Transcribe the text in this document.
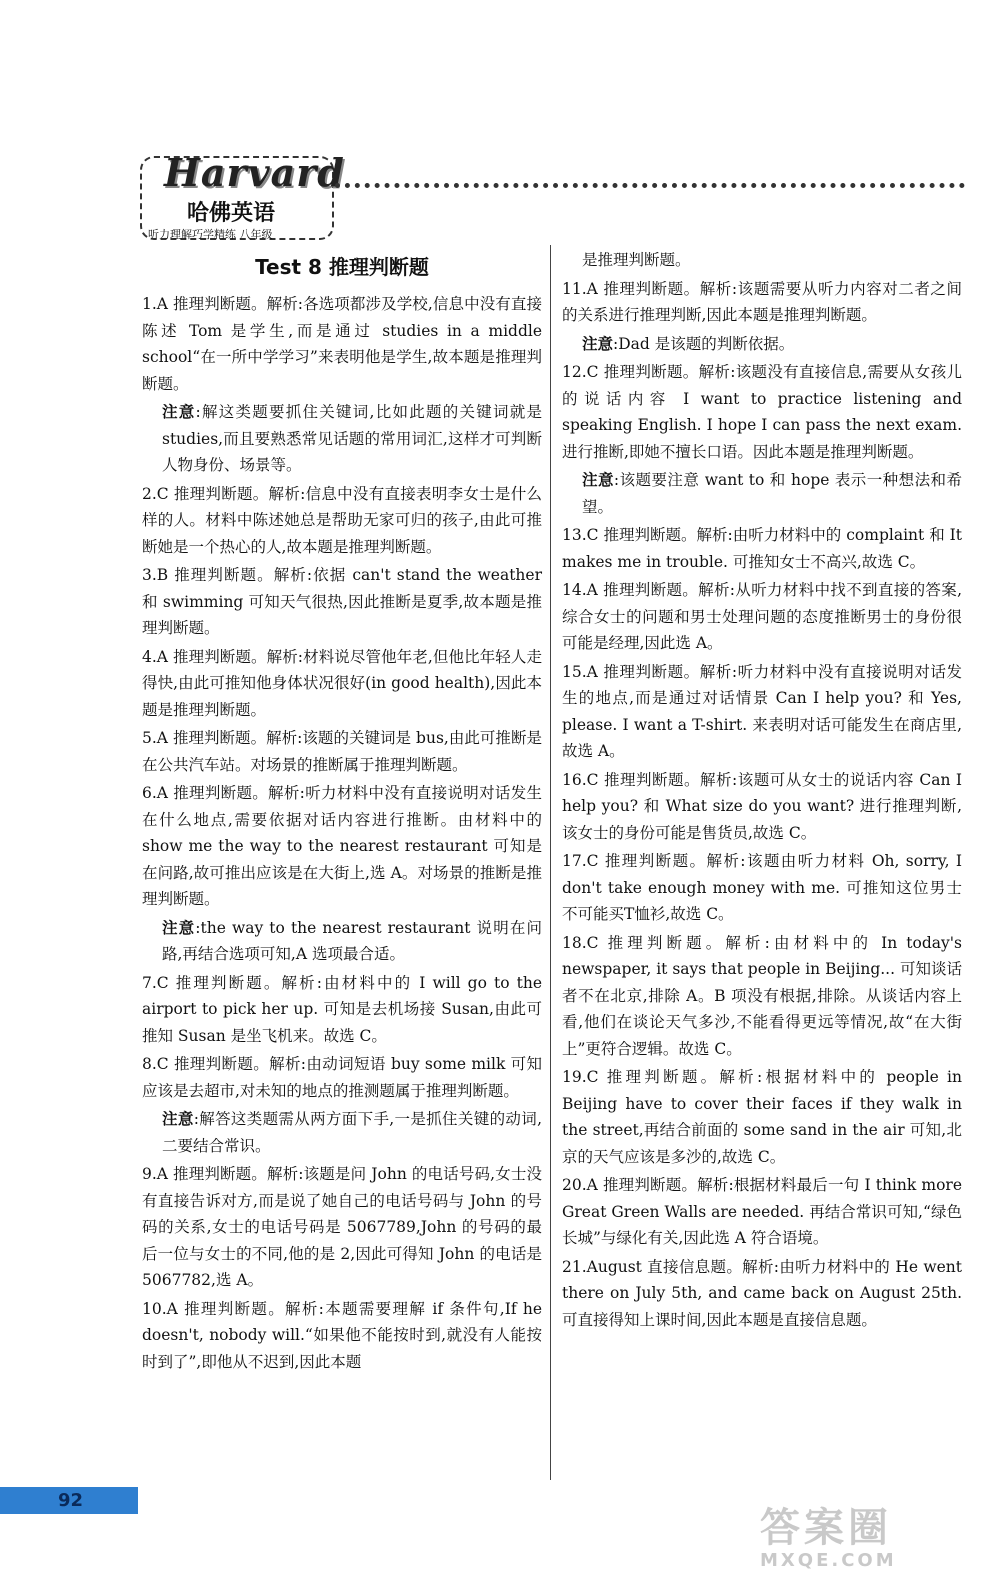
Harvard
哈佛英语
听力理解巧学精练 八年级
Test 8 推理判断题
1.A 推理判断题。解析:各选项都涉及学校,信息中没有直接陈述 Tom 是学生,而是通过 studies in a middle school“在一所中学学习”来表明他是学生,故本题是推理判断题。
注意:解这类题要抓住关键词,比如此题的关键词就是 studies,而且要熟悉常见话题的常用词汇,这样才可判断人物身份、场景等。
2.C 推理判断题。解析:信息中没有直接表明李女士是什么样的人。材料中陈述她总是帮助无家可归的孩子,由此可推断她是一个热心的人,故本题是推理判断题。
3.B 推理判断题。解析:依据 can't stand the weather 和 swimming 可知天气很热,因此推断是夏季,故本题是推理判断题。
4.A 推理判断题。解析:材料说尽管他年老,但他比年轻人走得快,由此可推知他身体状况很好(in good health),因此本题是推理判断题。
5.A 推理判断题。解析:该题的关键词是 bus,由此可推断是在公共汽车站。对场景的推断属于推理判断题。
6.A 推理判断题。解析:听力材料中没有直接说明对话发生在什么地点,需要依据对话内容进行推断。由材料中的 show me the way to the nearest restaurant 可知是在问路,故可推出应该是在大街上,选 A。对场景的推断是推理判断题。
注意:the way to the nearest restaurant 说明在问路,再结合选项可知,A 选项最合适。
7.C 推理判断题。解析:由材料中的 I will go to the airport to pick her up. 可知是去机场接 Susan,由此可推知 Susan 是坐飞机来。故选 C。
8.C 推理判断题。解析:由动词短语 buy some milk 可知应该是去超市,对未知的地点的推测题属于推理判断题。
注意:解答这类题需从两方面下手,一是抓住关键的动词,二要结合常识。
9.A 推理判断题。解析:该题是问 John 的电话号码,女士没有直接告诉对方,而是说了她自己的电话号码与 John 的号码的关系,女士的电话号码是 5067789,John 的号码的最后一位与女士的不同,他的是 2,因此可得知 John 的电话是 5067782,选 A。
10.A 推理判断题。解析:本题需要理解 if 条件句,If he doesn't, nobody will.“如果他不能按时到,就没有人能按时到了”,即他从不迟到,因此本题
是推理判断题。
11.A 推理判断题。解析:该题需要从听力内容对二者之间的关系进行推理判断,因此本题是推理判断题。
注意:Dad 是该题的判断依据。
12.C 推理判断题。解析:该题没有直接信息,需要从女孩儿的说话内容 I want to practice listening and speaking English. I hope I can pass the next exam. 进行推断,即她不擅长口语。因此本题是推理判断题。
注意:该题要注意 want to 和 hope 表示一种想法和希望。
13.C 推理判断题。解析:由听力材料中的 complaint 和 It makes me in trouble. 可推知女士不高兴,故选 C。
14.A 推理判断题。解析:从听力材料中找不到直接的答案,综合女士的问题和男士处理问题的态度推断男士的身份很可能是经理,因此选 A。
15.A 推理判断题。解析:听力材料中没有直接说明对话发生的地点,而是通过对话情景 Can I help you? 和 Yes, please. I want a T-shirt. 来表明对话可能发生在商店里,故选 A。
16.C 推理判断题。解析:该题可从女士的说话内容 Can I help you? 和 What size do you want? 进行推理判断,该女士的身份可能是售货员,故选 C。
17.C 推理判断题。解析:该题由听力材料 Oh, sorry, I don't take enough money with me. 可推知这位男士不可能买T恤衫,故选 C。
18.C 推理判断题。解析:由材料中的 In today's newspaper, it says that people in Beijing... 可知谈话者不在北京,排除 A。B 项没有根据,排除。从谈话内容上看,他们在谈论天气多沙,不能看得更远等情况,故“在大街上”更符合逻辑。故选 C。
19.C 推理判断题。解析:根据材料中的 people in Beijing have to cover their faces if they walk in the street,再结合前面的 some sand in the air 可知,北京的天气应该是多沙的,故选 C。
20.A 推理判断题。解析:根据材料最后一句 I think more Great Green Walls are needed. 再结合常识可知,“绿色长城”与绿化有关,因此选 A 符合语境。
21.August 直接信息题。解析:由听力材料中的 He went there on July 5th, and came back on August 25th. 可直接得知上课时间,因此本题是直接信息题。
92
答案圈
MXQE.COM
